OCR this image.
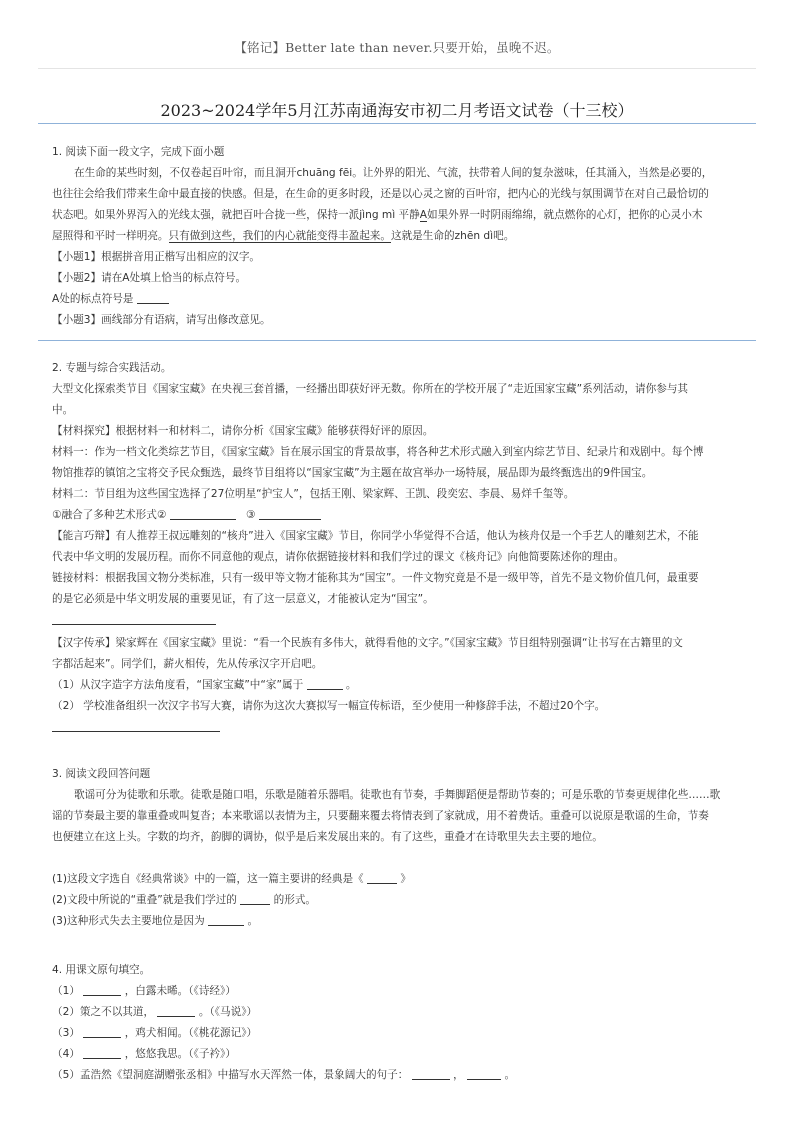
【铭记】Better late than never.只要开始，虽晚不迟。
2023~2024学年5月江苏南通海安市初二月考语文试卷（十三校）

1. 阅读下面一段文字，完成下面小题

在生命的某些时刻，不仅卷起百叶帘，而且洞开chuāng fēi。让外界的阳光、气流，扶带着人间的复杂滋味，任其涌入，当然是必要的，

也往往会给我们带来生命中最直接的快感。但是，在生命的更多时段，还是以心灵之窗的百叶帘，把内心的光线与氛围调节在对自己最恰切的

状态吧。如果外界泻入的光线太强，就把百叶合拢一些，保持一派jìng mì 平静A如果外界一时阴雨绵绵，就点燃你的心灯，把你的心灵小木

屋照得和平时一样明亮。只有做到这些，我们的内心就能变得丰盈起来。这就是生命的zhēn dì吧。

【小题1】根据拼音用正楷写出相应的汉字。

【小题2】请在A处填上恰当的标点符号。

A处的标点符号是

【小题3】画线部分有语病，请写出修改意见。

2. 专题与综合实践活动。

大型文化探索类节目《国家宝藏》在央视三套首播，一经播出即获好评无数。你所在的学校开展了“走近国家宝藏”系列活动，请你参与其

中。

【材料探究】根据材料一和材料二，请你分析《国家宝藏》能够获得好评的原因。

材料一：作为一档文化类综艺节目，《国家宝藏》旨在展示国宝的背景故事，将各种艺术形式融入到室内综艺节目、纪录片和戏剧中。每个博

物馆推荐的镇馆之宝将交予民众甄选，最终节目组将以“国家宝藏”为主题在故宫举办一场特展，展品即为最终甄选出的9件国宝。

材料二：节目组为这些国宝选择了27位明星“护宝人”，包括王刚、梁家辉、王凯、段奕宏、李晨、易烊千玺等。

①融合了多种艺术形式②	③

【能言巧辩】有人推荐王叔远雕刻的“核舟”进入《国家宝藏》节目，你同学小华觉得不合适，他认为核舟仅是一个手艺人的雕刻艺术，不能

代表中华文明的发展历程。而你不同意他的观点，请你依据链接材料和我们学过的课文《核舟记》向他简要陈述你的理由。

链接材料：根据我国文物分类标准，只有一级甲等文物才能称其为“国宝”。一件文物究竟是不是一级甲等，首先不是文物价值几何，最重要

的是它必须是中华文明发展的重要见证，有了这一层意义，才能被认定为“国宝”。

【汉字传承】梁家辉在《国家宝藏》里说：“看一个民族有多伟大，就得看他的文字。”《国家宝藏》节目组特别强调“让书写在古籍里的文

字都活起来”。同学们，薪火相传，先从传承汉字开启吧。

（1）从汉字造字方法角度看，“国家宝藏”中“家”属于	。

（2） 学校准备组织一次汉字书写大赛，请你为这次大赛拟写一幅宣传标语，至少使用一种修辞手法，不超过20个字。

3. 阅读文段回答问题

歌谣可分为徒歌和乐歌。徒歌是随口唱，乐歌是随着乐器唱。徒歌也有节奏，手舞脚蹈便是帮助节奏的；可是乐歌的节奏更规律化些……歌

谣的节奏最主要的靠重叠或叫复沓；本来歌谣以表情为主，只要翻来覆去将情表到了家就成，用不着费话。重叠可以说原是歌谣的生命，节奏

也便建立在这上头。字数的均齐，韵脚的调协，似乎是后来发展出来的。有了这些，重叠才在诗歌里失去主要的地位。

(1)这段文字选自《经典常谈》中的一篇，这一篇主要讲的经典是《	》

(2)文段中所说的“重叠”就是我们学过的	的形式。

(3)这种形式失去主要地位是因为	。

4. 用课文原句填空。

（1）	，白露未晞。（《诗经》）

（2）策之不以其道，	。（《马说》）

（3）	，鸡犬相闻。（《桃花源记》）

（4）	，悠悠我思。（《子衿》）

（5）孟浩然《望洞庭湖赠张丞相》中描写水天浑然一体，景象阔大的句子：	，	。
